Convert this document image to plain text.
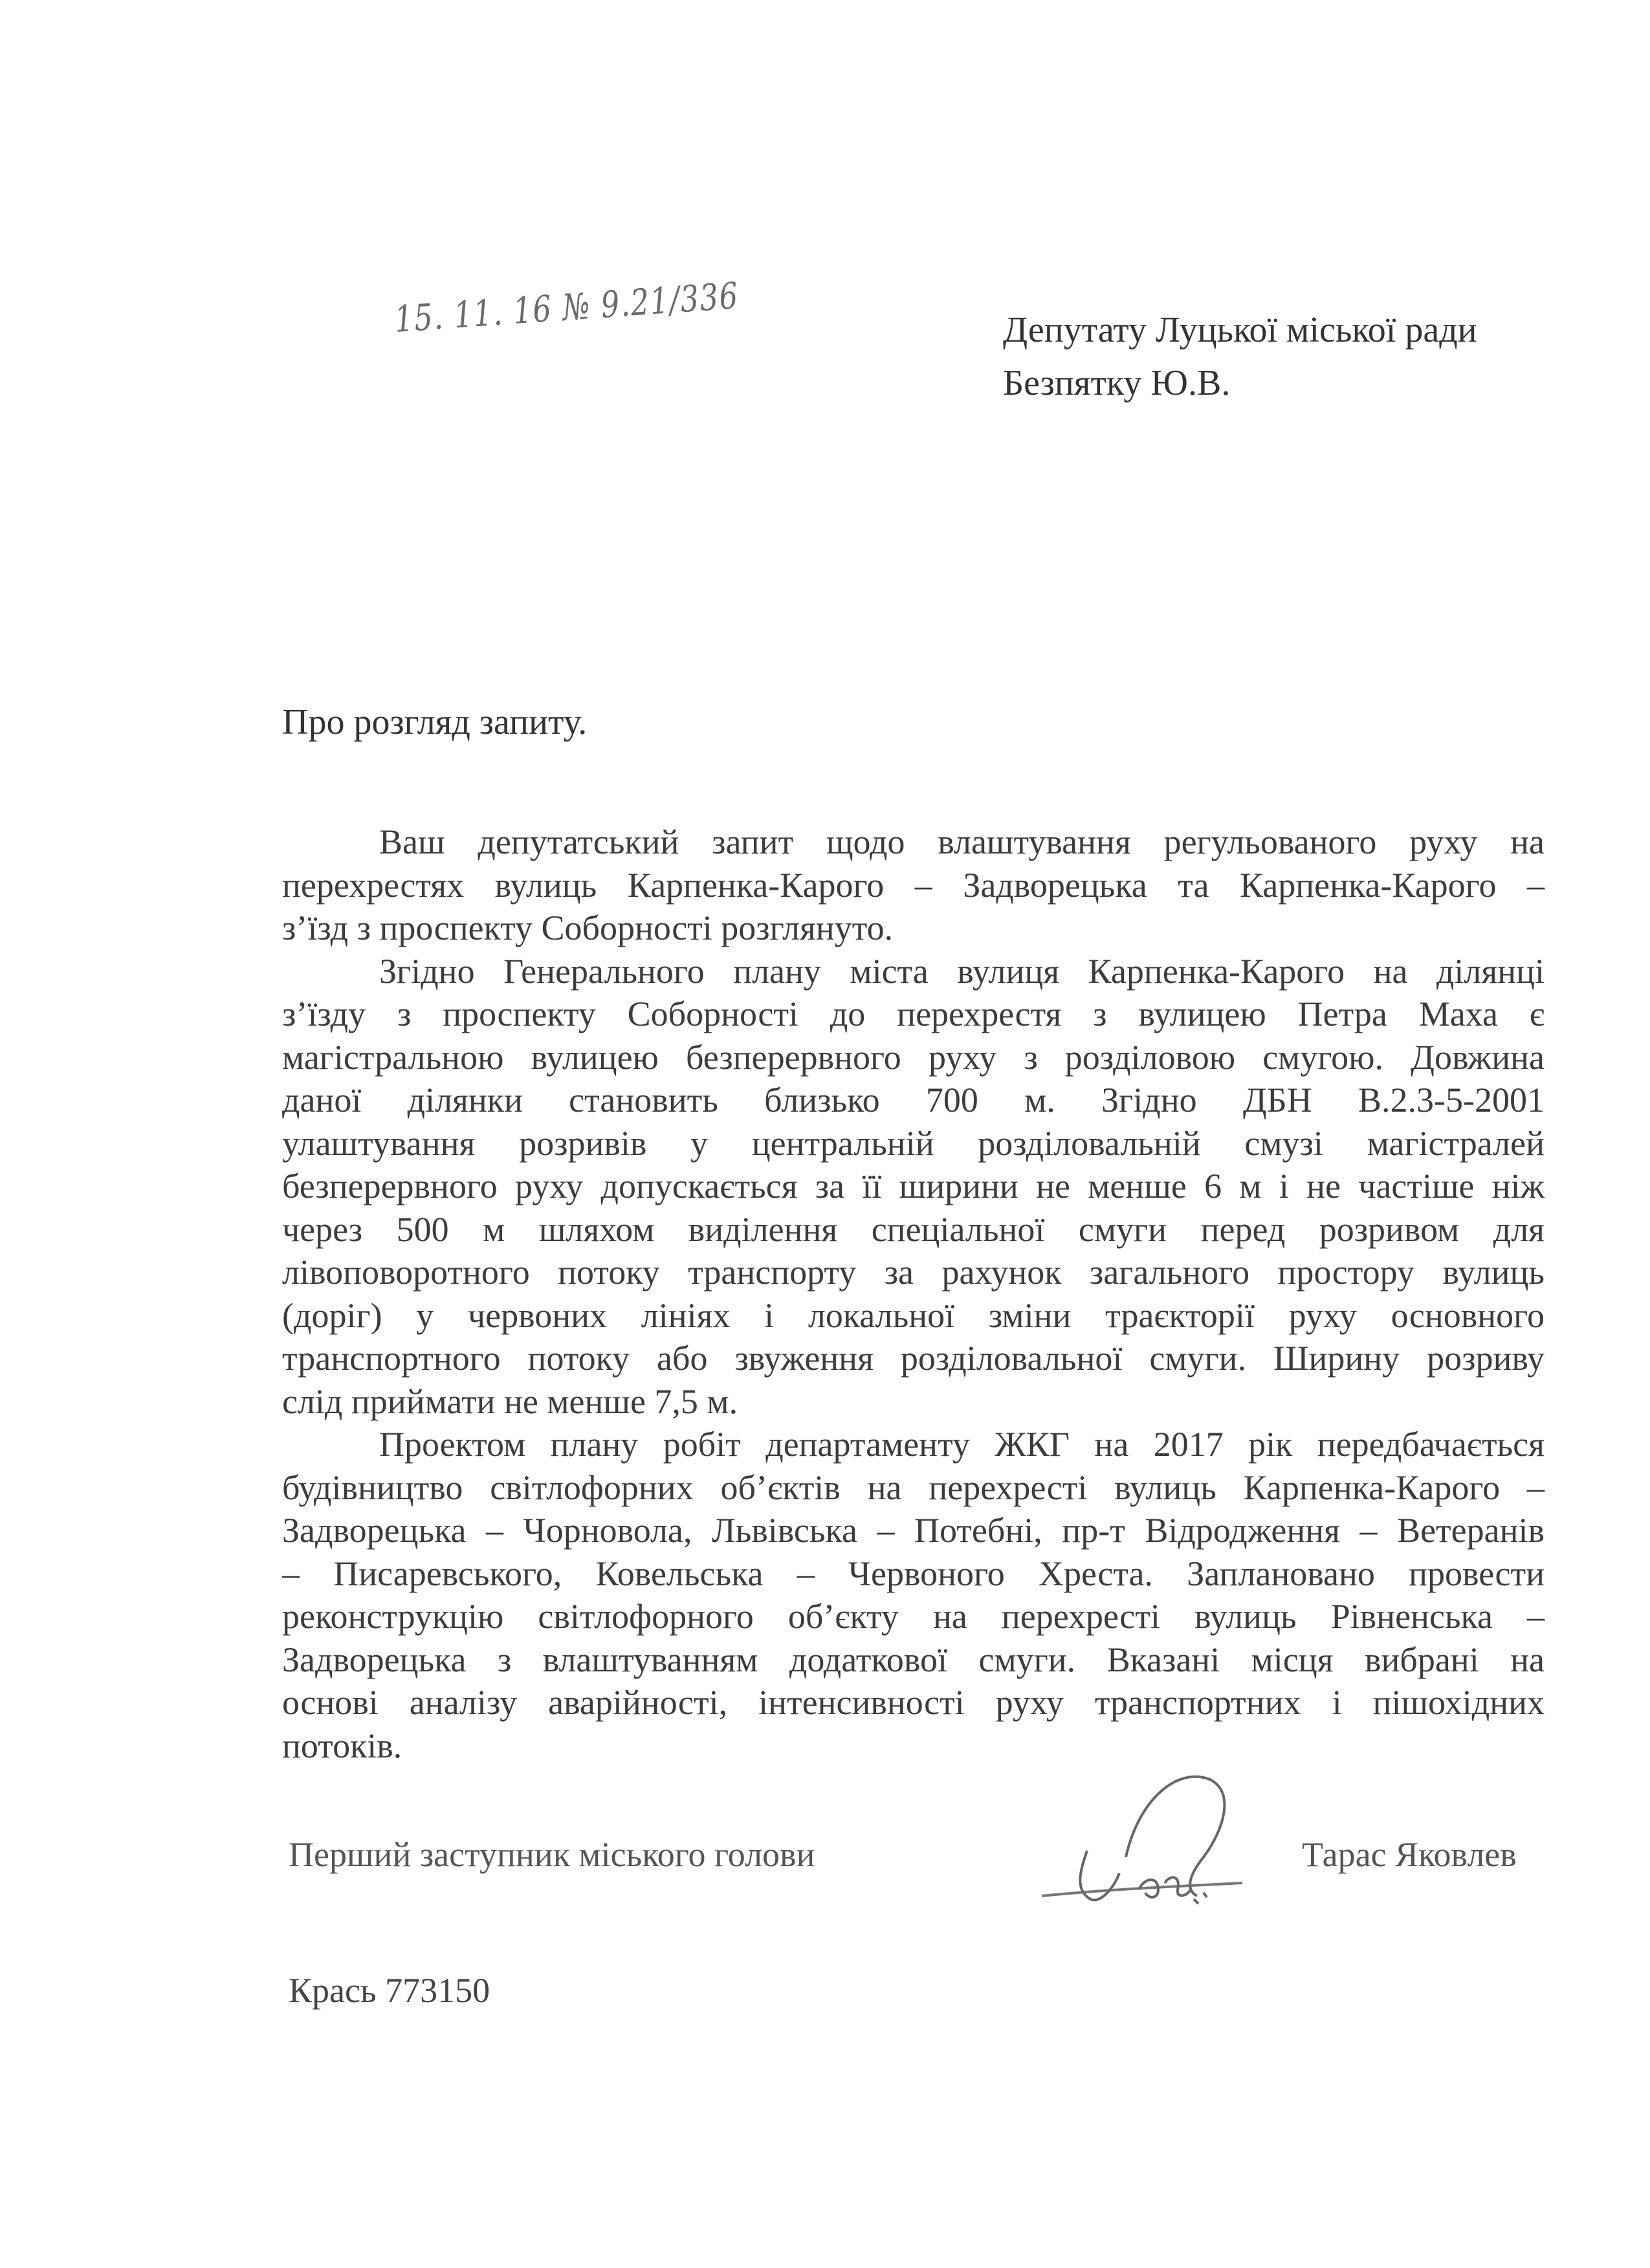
15. 11. 16 № 9.21/336	Депутату Луцької міської ради
Безпятку Ю.В.
Про розгляд запиту.
Ваш депутатський запит щодо влаштування регульованого руху на
перехрестях вулиць Карпенка-Карого – Задворецька та Карпенка-Карого –
з’їзд з проспекту Соборності розглянуто.
Згідно Генерального плану міста вулиця Карпенка-Карого на ділянці
з’їзду з проспекту Соборності до перехрестя з вулицею Петра Маха є
магістральною вулицею безперервного руху з розділовою смугою. Довжина
даної ділянки становить близько 700 м. Згідно ДБН В.2.3-5-2001
улаштування розривів у центральній розділовальній смузі магістралей
безперервного руху допускається за її ширини не менше 6 м і не частіше ніж
через 500 м шляхом виділення спеціальної смуги перед розривом для
лівоповоротного потоку транспорту за рахунок загального простору вулиць
(доріг) у червоних лініях і локальної зміни траєкторії руху основного
транспортного потоку або звуження розділовальної смуги. Ширину розриву
слід приймати не менше 7,5 м.
Проектом плану робіт департаменту ЖКГ на 2017 рік передбачається
будівництво світлофорних об’єктів на перехресті вулиць Карпенка-Карого –
Задворецька – Чорновола, Львівська – Потебні, пр-т Відродження – Ветеранів
– Писаревського, Ковельська – Червоного Хреста. Заплановано провести
реконструкцію світлофорного об’єкту на перехресті вулиць Рівненська –
Задворецька з влаштуванням додаткової смуги. Вказані місця вибрані на
основі аналізу аварійності, інтенсивності руху транспортних і пішохідних
потоків.
Перший заступник міського голови	Тарас Яковлев
Крась 773150
